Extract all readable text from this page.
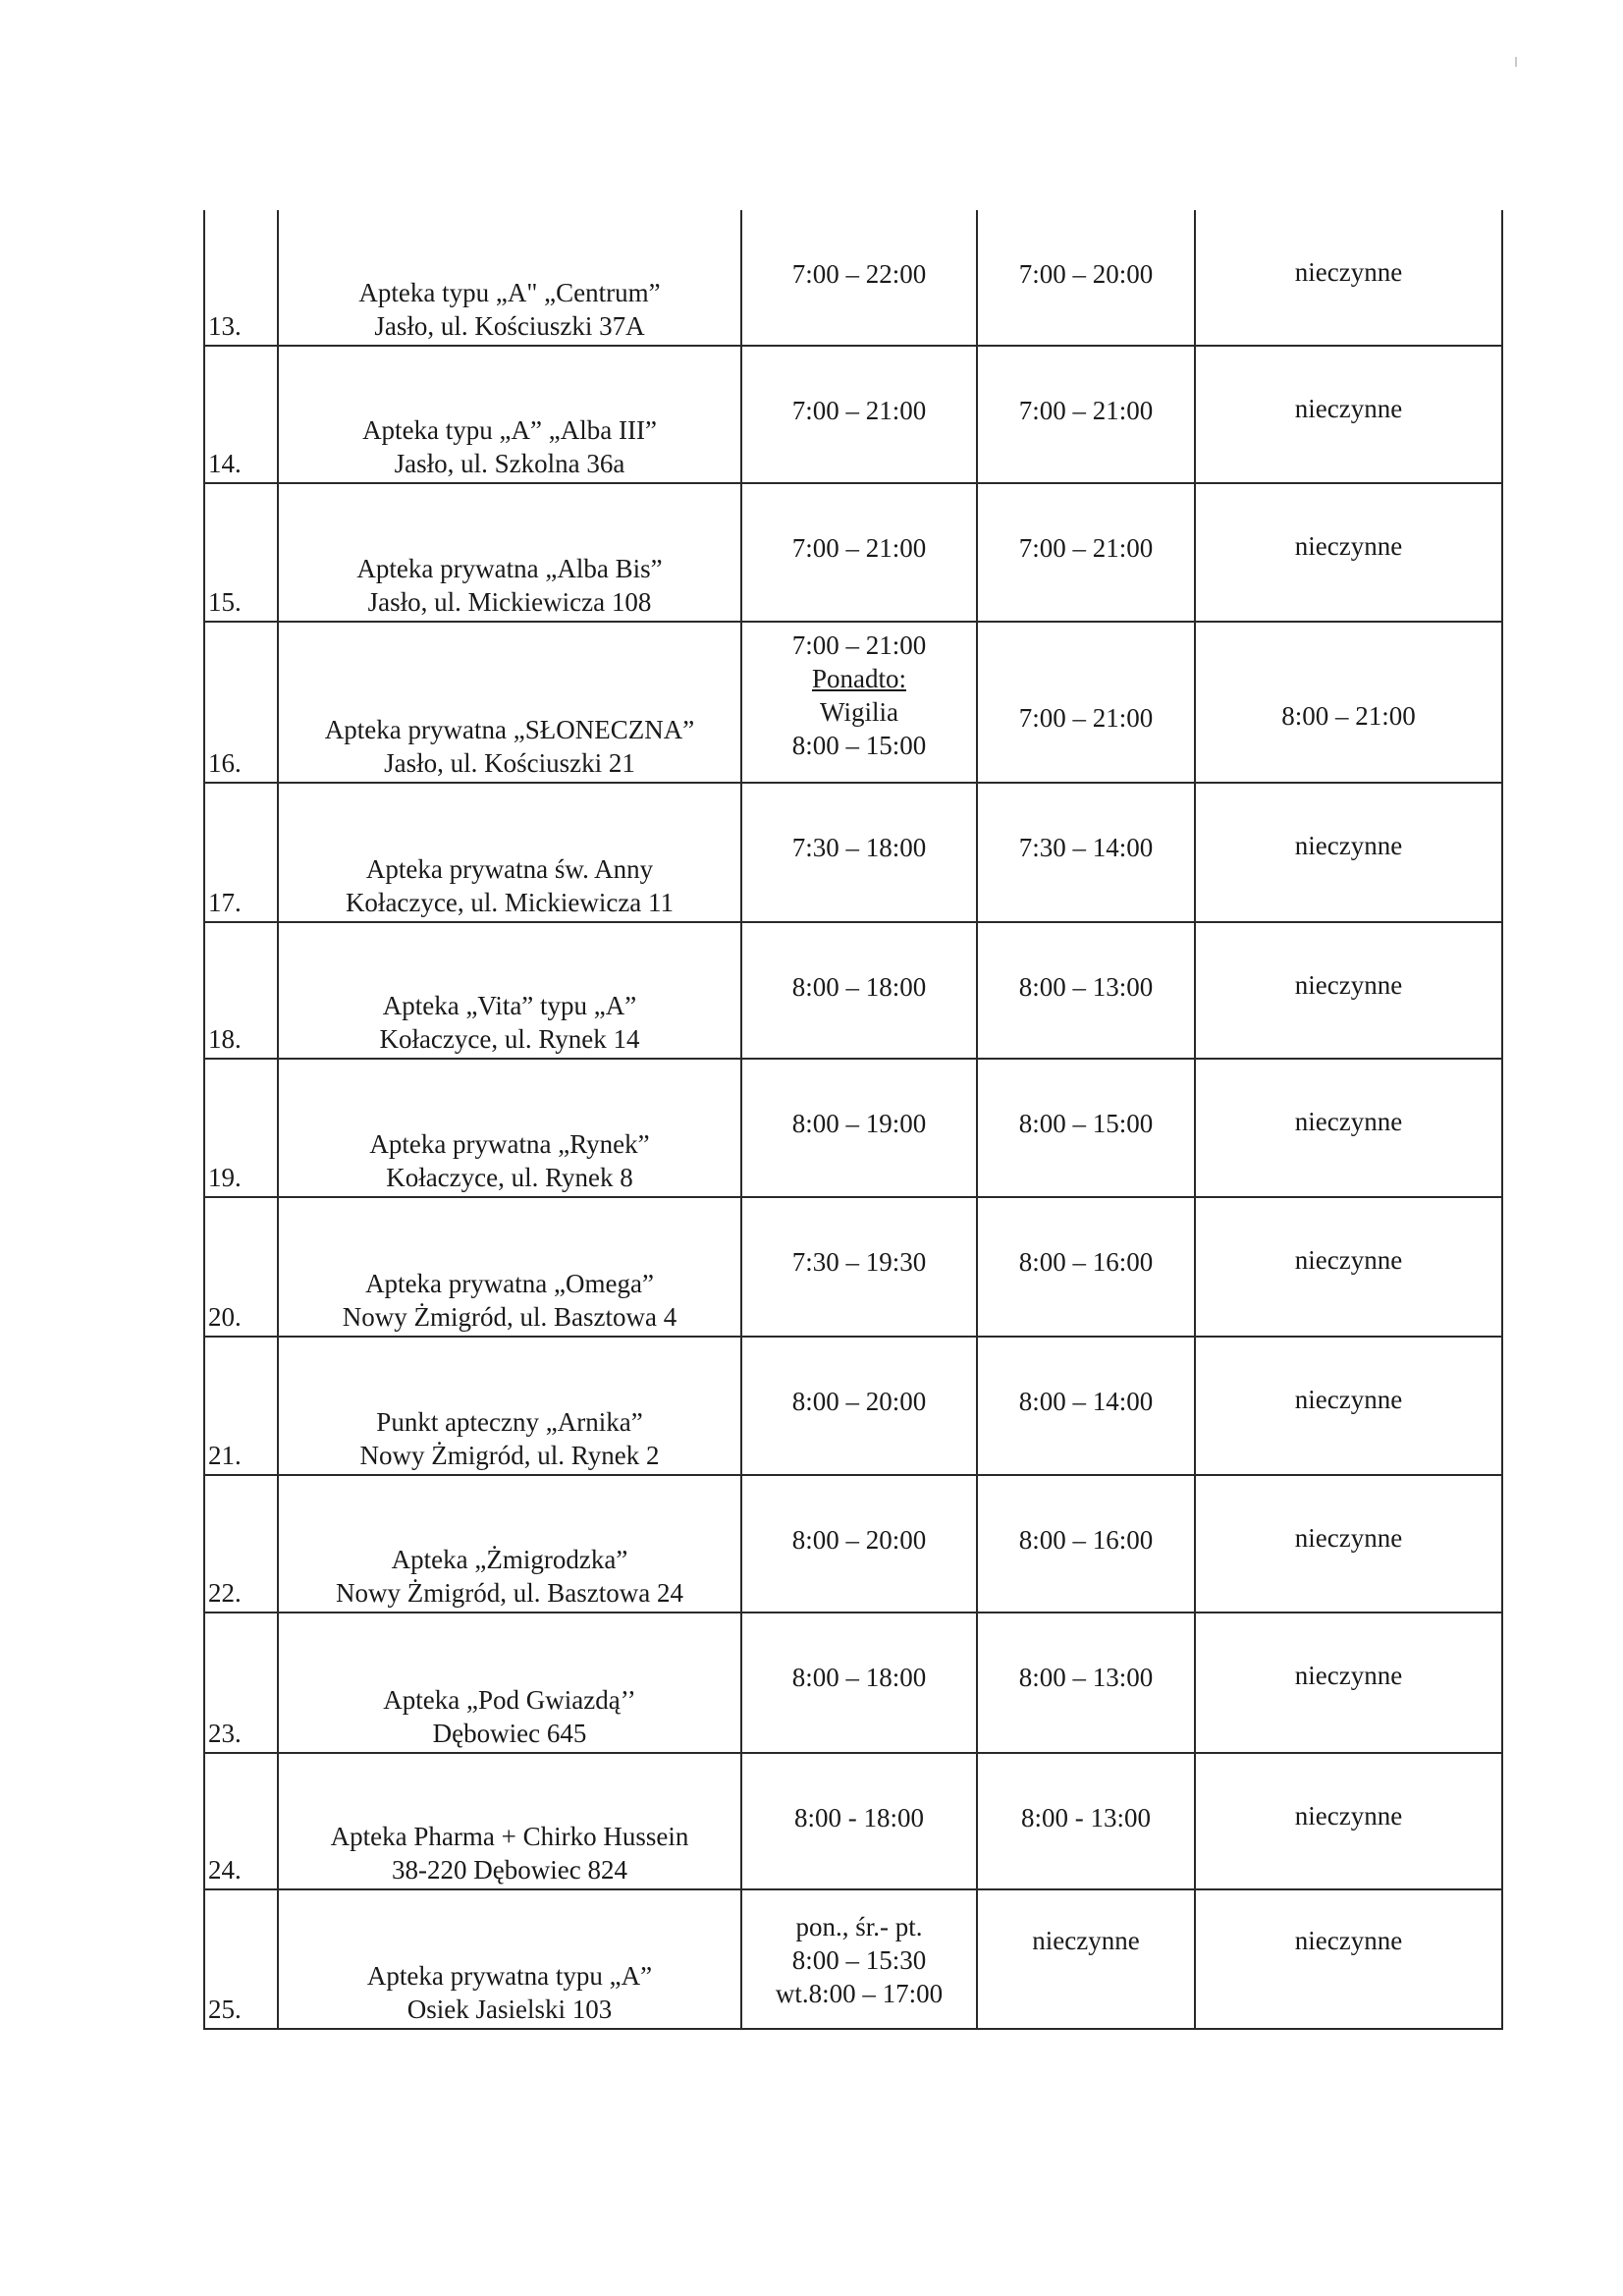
13.	Apteka typu „A" „Centrum”
Jasło, ul. Kościuszki 37A	7:00 – 22:00	7:00 – 20:00	nieczynne

14.	Apteka typu „A” „Alba III”
Jasło, ul. Szkolna 36a	7:00 – 21:00	7:00 – 21:00	nieczynne

15.	Apteka prywatna „Alba Bis”
Jasło, ul. Mickiewicza 108	7:00 – 21:00	7:00 – 21:00	nieczynne

16.	Apteka prywatna „SŁONECZNA”
Jasło, ul. Kościuszki 21	7:00 – 21:00
Ponadto:
Wigilia
8:00 – 15:00	7:00 – 21:00	8:00 – 21:00

17.	Apteka prywatna św. Anny
Kołaczyce, ul. Mickiewicza 11	7:30 – 18:00	7:30 – 14:00	nieczynne

18.	Apteka „Vita” typu „A”
Kołaczyce, ul. Rynek 14	8:00 – 18:00	8:00 – 13:00	nieczynne

19.	Apteka prywatna „Rynek”
Kołaczyce, ul. Rynek 8	8:00 – 19:00	8:00 – 15:00	nieczynne

20.	Apteka prywatna „Omega”
Nowy Żmigród, ul. Basztowa 4	7:30 – 19:30	8:00 – 16:00	nieczynne

21.	Punkt apteczny „Arnika”
Nowy Żmigród, ul. Rynek 2	8:00 – 20:00	8:00 – 14:00	nieczynne

22.	Apteka „Żmigrodzka”
Nowy Żmigród, ul. Basztowa 24	8:00 – 20:00	8:00 – 16:00	nieczynne

23.	Apteka „Pod Gwiazdą’’
Dębowiec 645	8:00 – 18:00	8:00 – 13:00	nieczynne

24.	Apteka Pharma + Chirko Hussein
38-220 Dębowiec 824	8:00 - 18:00	8:00 - 13:00	nieczynne

25.	Apteka prywatna typu „A”
Osiek Jasielski 103	pon., śr.- pt.
8:00 – 15:30
wt.8:00 – 17:00	nieczynne	nieczynne
